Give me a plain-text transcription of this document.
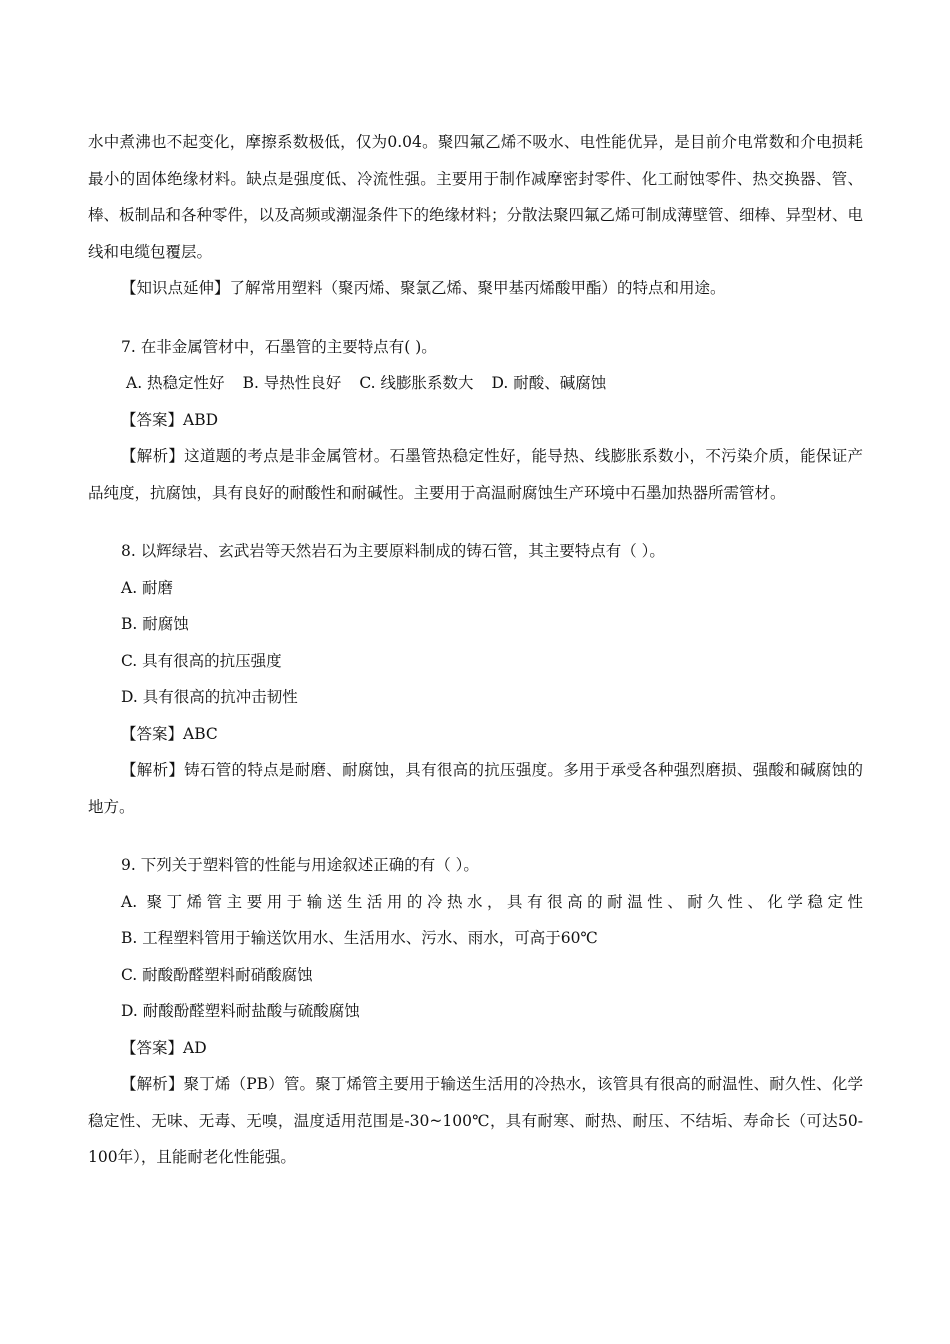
水中煮沸也不起变化，摩擦系数极低，仅为0.04。聚四氟乙烯不吸水、电性能优异，是目前介电常数和介电损耗最小的固体绝缘材料。缺点是强度低、冷流性强。主要用于制作减摩密封零件、化工耐蚀零件、热交换器、管、棒、板制品和各种零件，以及高频或潮湿条件下的绝缘材料；分散法聚四氟乙烯可制成薄壁管、细棒、异型材、电线和电缆包覆层。

【知识点延伸】了解常用塑料（聚丙烯、聚氯乙烯、聚甲基丙烯酸甲酯）的特点和用途。

7. 在非金属管材中，石墨管的主要特点有( )。

A. 热稳定性好 B. 导热性良好 C. 线膨胀系数大 D. 耐酸、碱腐蚀

【答案】ABD

【解析】这道题的考点是非金属管材。石墨管热稳定性好，能导热、线膨胀系数小，不污染介质，能保证产品纯度，抗腐蚀，具有良好的耐酸性和耐碱性。主要用于高温耐腐蚀生产环境中石墨加热器所需管材。

8. 以辉绿岩、玄武岩等天然岩石为主要原料制成的铸石管，其主要特点有（ ）。

A. 耐磨

B. 耐腐蚀

C. 具有很高的抗压强度

D. 具有很高的抗冲击韧性

【答案】ABC

【解析】铸石管的特点是耐磨、耐腐蚀，具有很高的抗压强度。多用于承受各种强烈磨损、强酸和碱腐蚀的地方。

9. 下列关于塑料管的性能与用途叙述正确的有（ ）。

A. 聚丁烯管主要用于输送生活用的冷热水，具有很高的耐温性、耐久性、化学稳定性

B. 工程塑料管用于输送饮用水、生活用水、污水、雨水，可高于60℃

C. 耐酸酚醛塑料耐硝酸腐蚀

D. 耐酸酚醛塑料耐盐酸与硫酸腐蚀

【答案】AD

【解析】聚丁烯（PB）管。聚丁烯管主要用于输送生活用的冷热水，该管具有很高的耐温性、耐久性、化学稳定性、无味、无毒、无嗅，温度适用范围是-30~100℃，具有耐寒、耐热、耐压、不结垢、寿命长（可达50-100年），且能耐老化性能强。
